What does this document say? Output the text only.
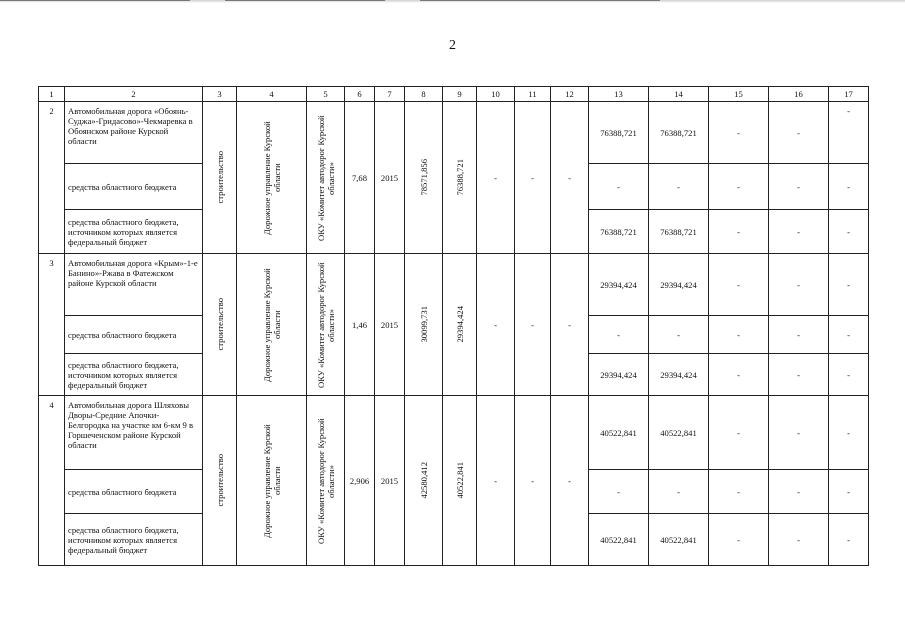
2
1	2	3	4	5	6	7	8	9	10	11	12	13	14	15	16	17
2	Автомобильная дорога «Обоянь-Суджа»-Гридасово»-Чекмаревка в Обоянском районе Курской области	строительство	Дорожное управление Курской области	ОКУ «Комитет автодорог Курской области»	7,68	2015	78571,856	76388,721	-	-	-	76388,721	76388,721	-	-	-
	средства областного бюджета											-	-	-	-	-
	средства областного бюджета, источником которых является федеральный бюджет											76388,721	76388,721	-	-	-
3	Автомобильная дорога «Крым»-1-е Банино»-Ржава в Фатежском районе Курской области	строительство	Дорожное управление Курской области	ОКУ «Комитет автодорог Курской области»	1,46	2015	30099,731	29394,424	-	-	-	29394,424	29394,424	-	-	-
	средства областного бюджета											-	-	-	-	-
	средства областного бюджета, источником которых является федеральный бюджет											29394,424	29394,424	-	-	-
4	Автомобильная дорога Шляховы Дворы-Средние Апочки-Белгородка на участке км 6-км 9 в Горшеченском районе Курской области	строительство	Дорожное управление Курской области	ОКУ «Комитет автодорог Курской области»	2,906	2015	42580,412	40522,841	-	-	-	40522,841	40522,841	-	-	-
	средства областного бюджета											-	-	-	-	-
	средства областного бюджета, источником которых является федеральный бюджет											40522,841	40522,841	-	-	-
